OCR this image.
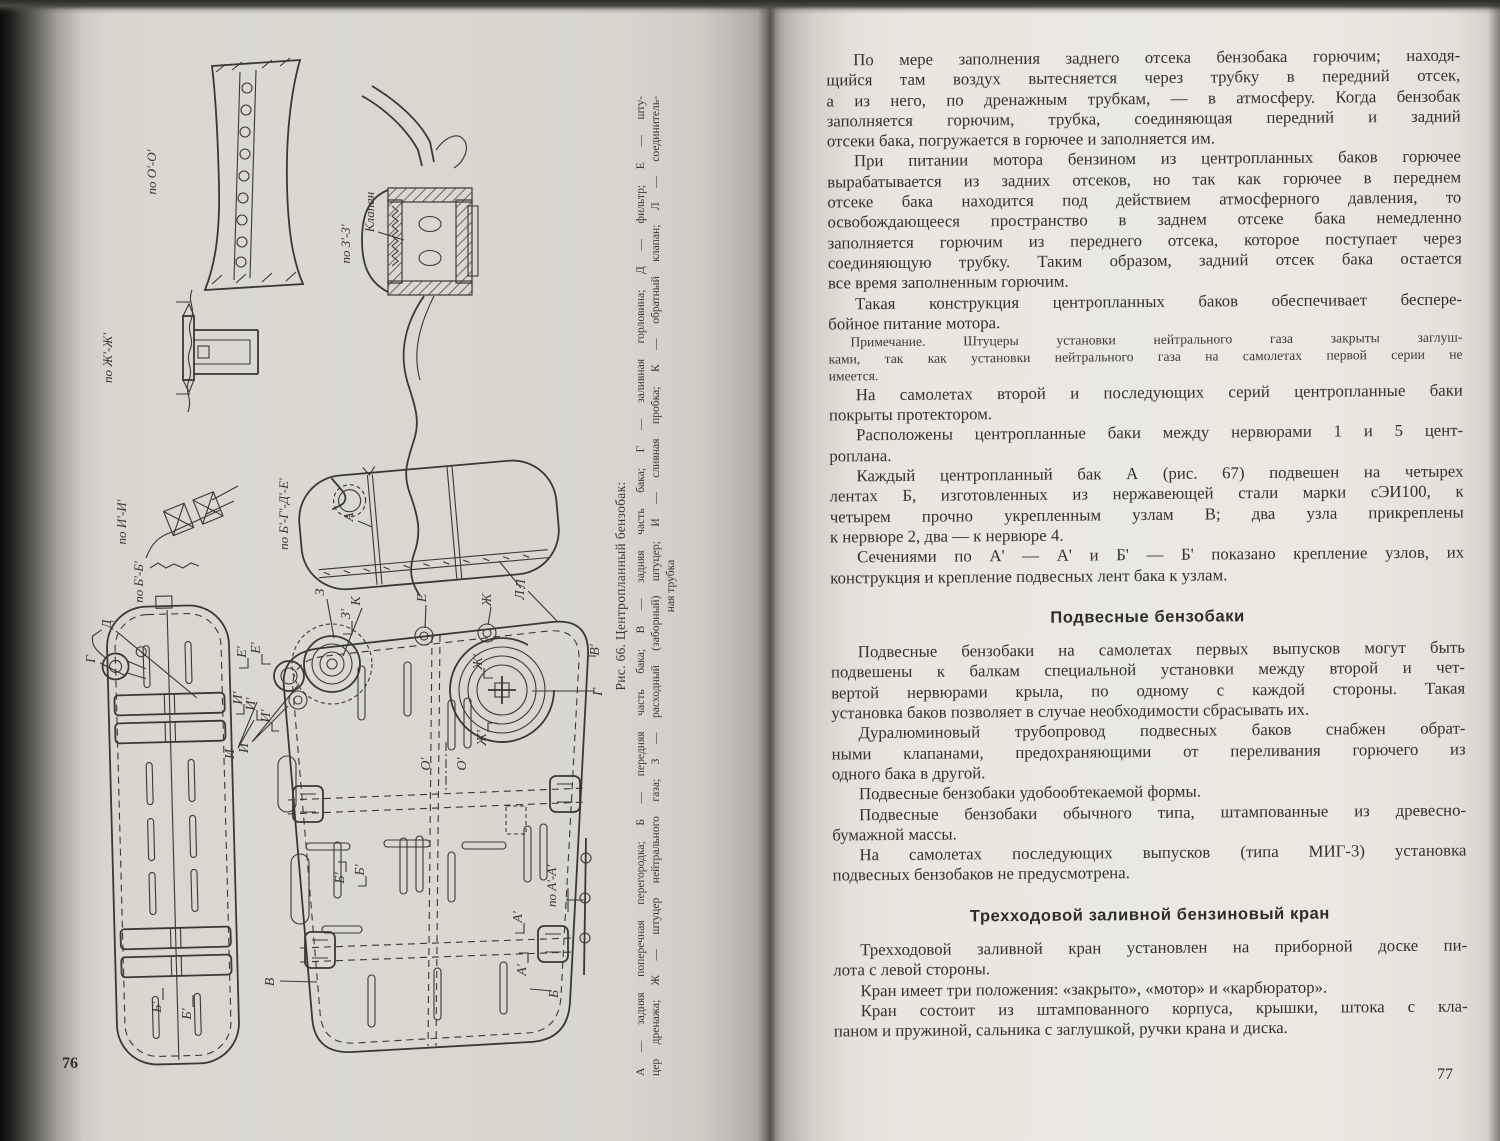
по О'-О'
по Ж'-Ж'
Клапан
по З'-З'
по И'-И'
по Б'-Б'
по Б'-Г'-Д'-Е'	А
Л
Г
Д
Е'
И'
И
Б'
Б'
З
З'
К	Е	Ж
Л
Е'
И'
И'
И
Ж'
Ж'
О' О'
В'
Г
Б'
Б'
А'
А'
Б
В
по А'-А'
Рис. 66. Центропланный бензобак: А — задняя поперечная перегородка; Б — передняя часть бака; В — задняя часть бака; Г — заливная горловина; Д — фильтр; Е — шту- цер дренажа; Ж — штуцер нейтрального газа; З — расходный (заборный) штуцер; И — сливная пробка; К — обратный клапан; Л — соединитель- ная трубка
76
77
По мере заполнения заднего отсека бензобака горючим; находя-
щийся там воздух вытесняется через трубку в передний отсек,
а из него, по дренажным трубкам, — в атмосферу. Когда бензобак
заполняется горючим, трубка, соединяющая передний и задний
отсеки бака, погружается в горючее и заполняется им.
При питании мотора бензином из центропланных баков горючее
вырабатывается из задних отсеков, но так как горючее в переднем
отсеке бака находится под действием атмосферного давления, то
освобождающееся пространство в заднем отсеке бака немедленно
заполняется горючим из переднего отсека, которое поступает через
соединяющую трубку. Таким образом, задний отсек бака остается
все время заполненным горючим.
Такая конструкция центропланных баков обеспечивает беспере-
бойное питание мотора.
Примечание. Штуцеры установки нейтрального газа закрыты заглуш-
ками, так как установки нейтрального газа на самолетах первой серии не
имеется.
На самолетах второй и последующих серий центропланные баки
покрыты протектором.
Расположены центропланные баки между нервюрами 1 и 5 цент-
роплана.
Каждый центропланный бак А (рис. 67) подвешен на четырех
лентах Б, изготовленных из нержавеющей стали марки сЭИ100, к
четырем прочно укрепленным узлам В; два узла прикреплены
к нервюре 2, два — к нервюре 4.
Сечениями по А' — А' и Б' — Б' показано крепление узлов, их
конструкция и крепление подвесных лент бака к узлам.
Подвесные бензобаки
Подвесные бензобаки на самолетах первых выпусков могут быть
подвешены к балкам специальной установки между второй и чет-
вертой нервюрами крыла, по одному с каждой стороны. Такая
установка баков позволяет в случае необходимости сбрасывать их.
Дуралюминовый трубопровод подвесных баков снабжен обрат-
ными клапанами, предохраняющими от переливания горючего из
одного бака в другой.
Подвесные бензобаки удобообтекаемой формы.
Подвесные бензобаки обычного типа, штампованные из древесно-
бумажной массы.
На самолетах последующих выпусков (типа МИГ-3) установка
подвесных бензобаков не предусмотрена.
Трехходовой заливной бензиновый кран
Трехходовой заливной кран установлен на приборной доске пи-
лота с левой стороны.
Кран имеет три положения: «закрыто», «мотор» и «карбюратор».
Кран состоит из штампованного корпуса, крышки, штока с кла-
паном и пружиной, сальника с заглушкой, ручки крана и диска.
